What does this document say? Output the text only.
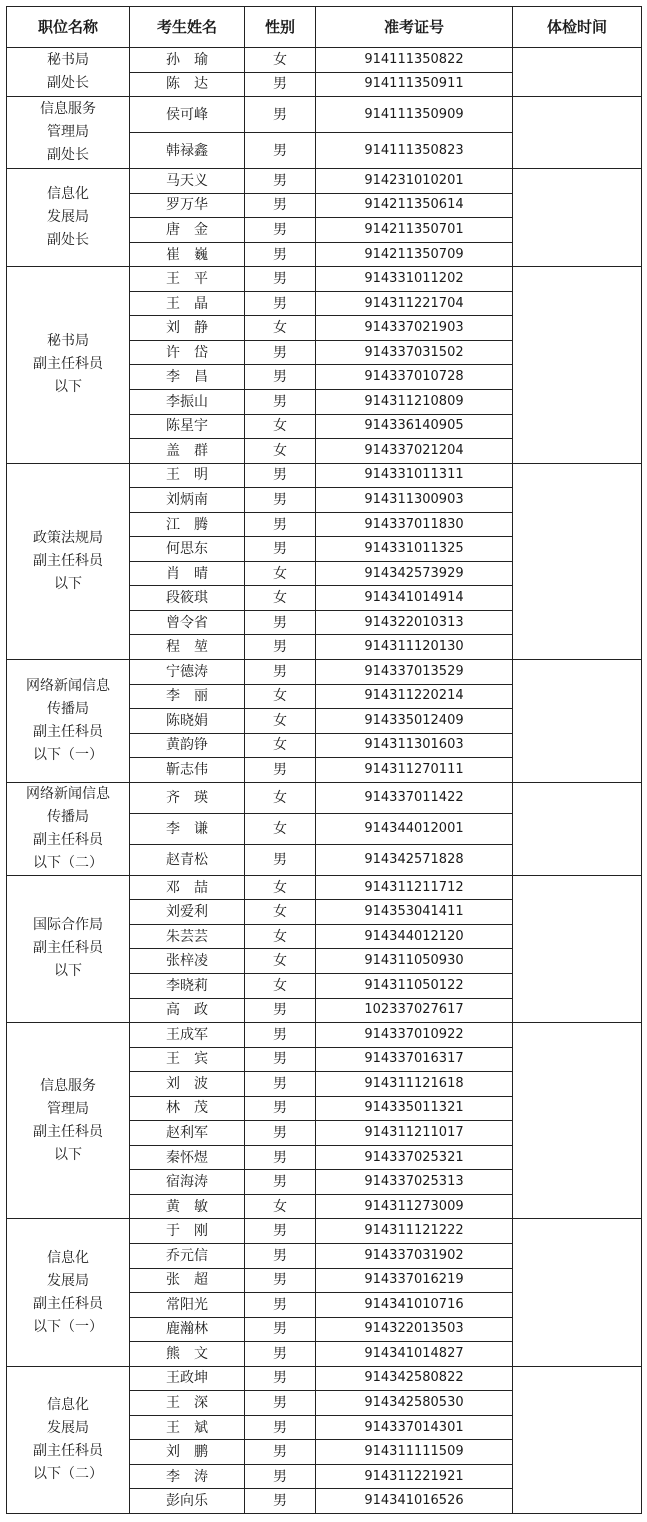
职位名称	考生姓名	性别	准考证号	体检时间

秘书局
副处长	孙　瑜	女	914111350822	
	陈　达	男	914111350911	

信息服务
管理局
副处长	侯可峰	男	914111350909	
	韩禄鑫	男	914111350823	

信息化
发展局
副处长	马天义	男	914231010201	
	罗万华	男	914211350614	
	唐　金	男	914211350701	
	崔　巍	男	914211350709	

秘书局
副主任科员
以下	王　平	男	914331011202	
	王　晶	男	914311221704	
	刘　静	女	914337021903	
	许　岱	男	914337031502	
	李　昌	男	914337010728	
	李振山	男	914311210809	
	陈星宇	女	914336140905	
	盖　群	女	914337021204	

政策法规局
副主任科员
以下	王　明	男	914331011311	
	刘炳南	男	914311300903	
	江　腾	男	914337011830	
	何思东	男	914331011325	
	肖　晴	女	914342573929	
	段筱琪	女	914341014914	
	曾令省	男	914322010313	
	程　堃	男	914311120130	

网络新闻信息
传播局
副主任科员
以下（一）	宁德涛	男	914337013529	
	李　丽	女	914311220214	
	陈晓娟	女	914335012409	
	黄韵铮	女	914311301603	
	靳志伟	男	914311270111	

网络新闻信息
传播局
副主任科员
以下（二）	齐　瑛	女	914337011422	
	李　谦	女	914344012001	
	赵青松	男	914342571828	

国际合作局
副主任科员
以下	邓　喆	女	914311211712	
	刘爱利	女	914353041411	
	朱芸芸	女	914344012120	
	张梓凌	女	914311050930	
	李晓莉	女	914311050122	
	高　政	男	102337027617	

信息服务
管理局
副主任科员
以下	王成军	男	914337010922	
	王　宾	男	914337016317	
	刘　波	男	914311121618	
	林　茂	男	914335011321	
	赵利军	男	914311211017	
	秦怀煜	男	914337025321	
	宿海涛	男	914337025313	
	黄　敏	女	914311273009	

信息化
发展局
副主任科员
以下（一）	于　刚	男	914311121222	
	乔元信	男	914337031902	
	张　超	男	914337016219	
	常阳光	男	914341010716	
	鹿瀚林	男	914322013503	
	熊　文	男	914341014827	

信息化
发展局
副主任科员
以下（二）	王政坤	男	914342580822	
	王　深	男	914342580530	
	王　斌	男	914337014301	
	刘　鹏	男	914311111509	
	李　涛	男	914311221921	
	彭向乐	男	914341016526	
